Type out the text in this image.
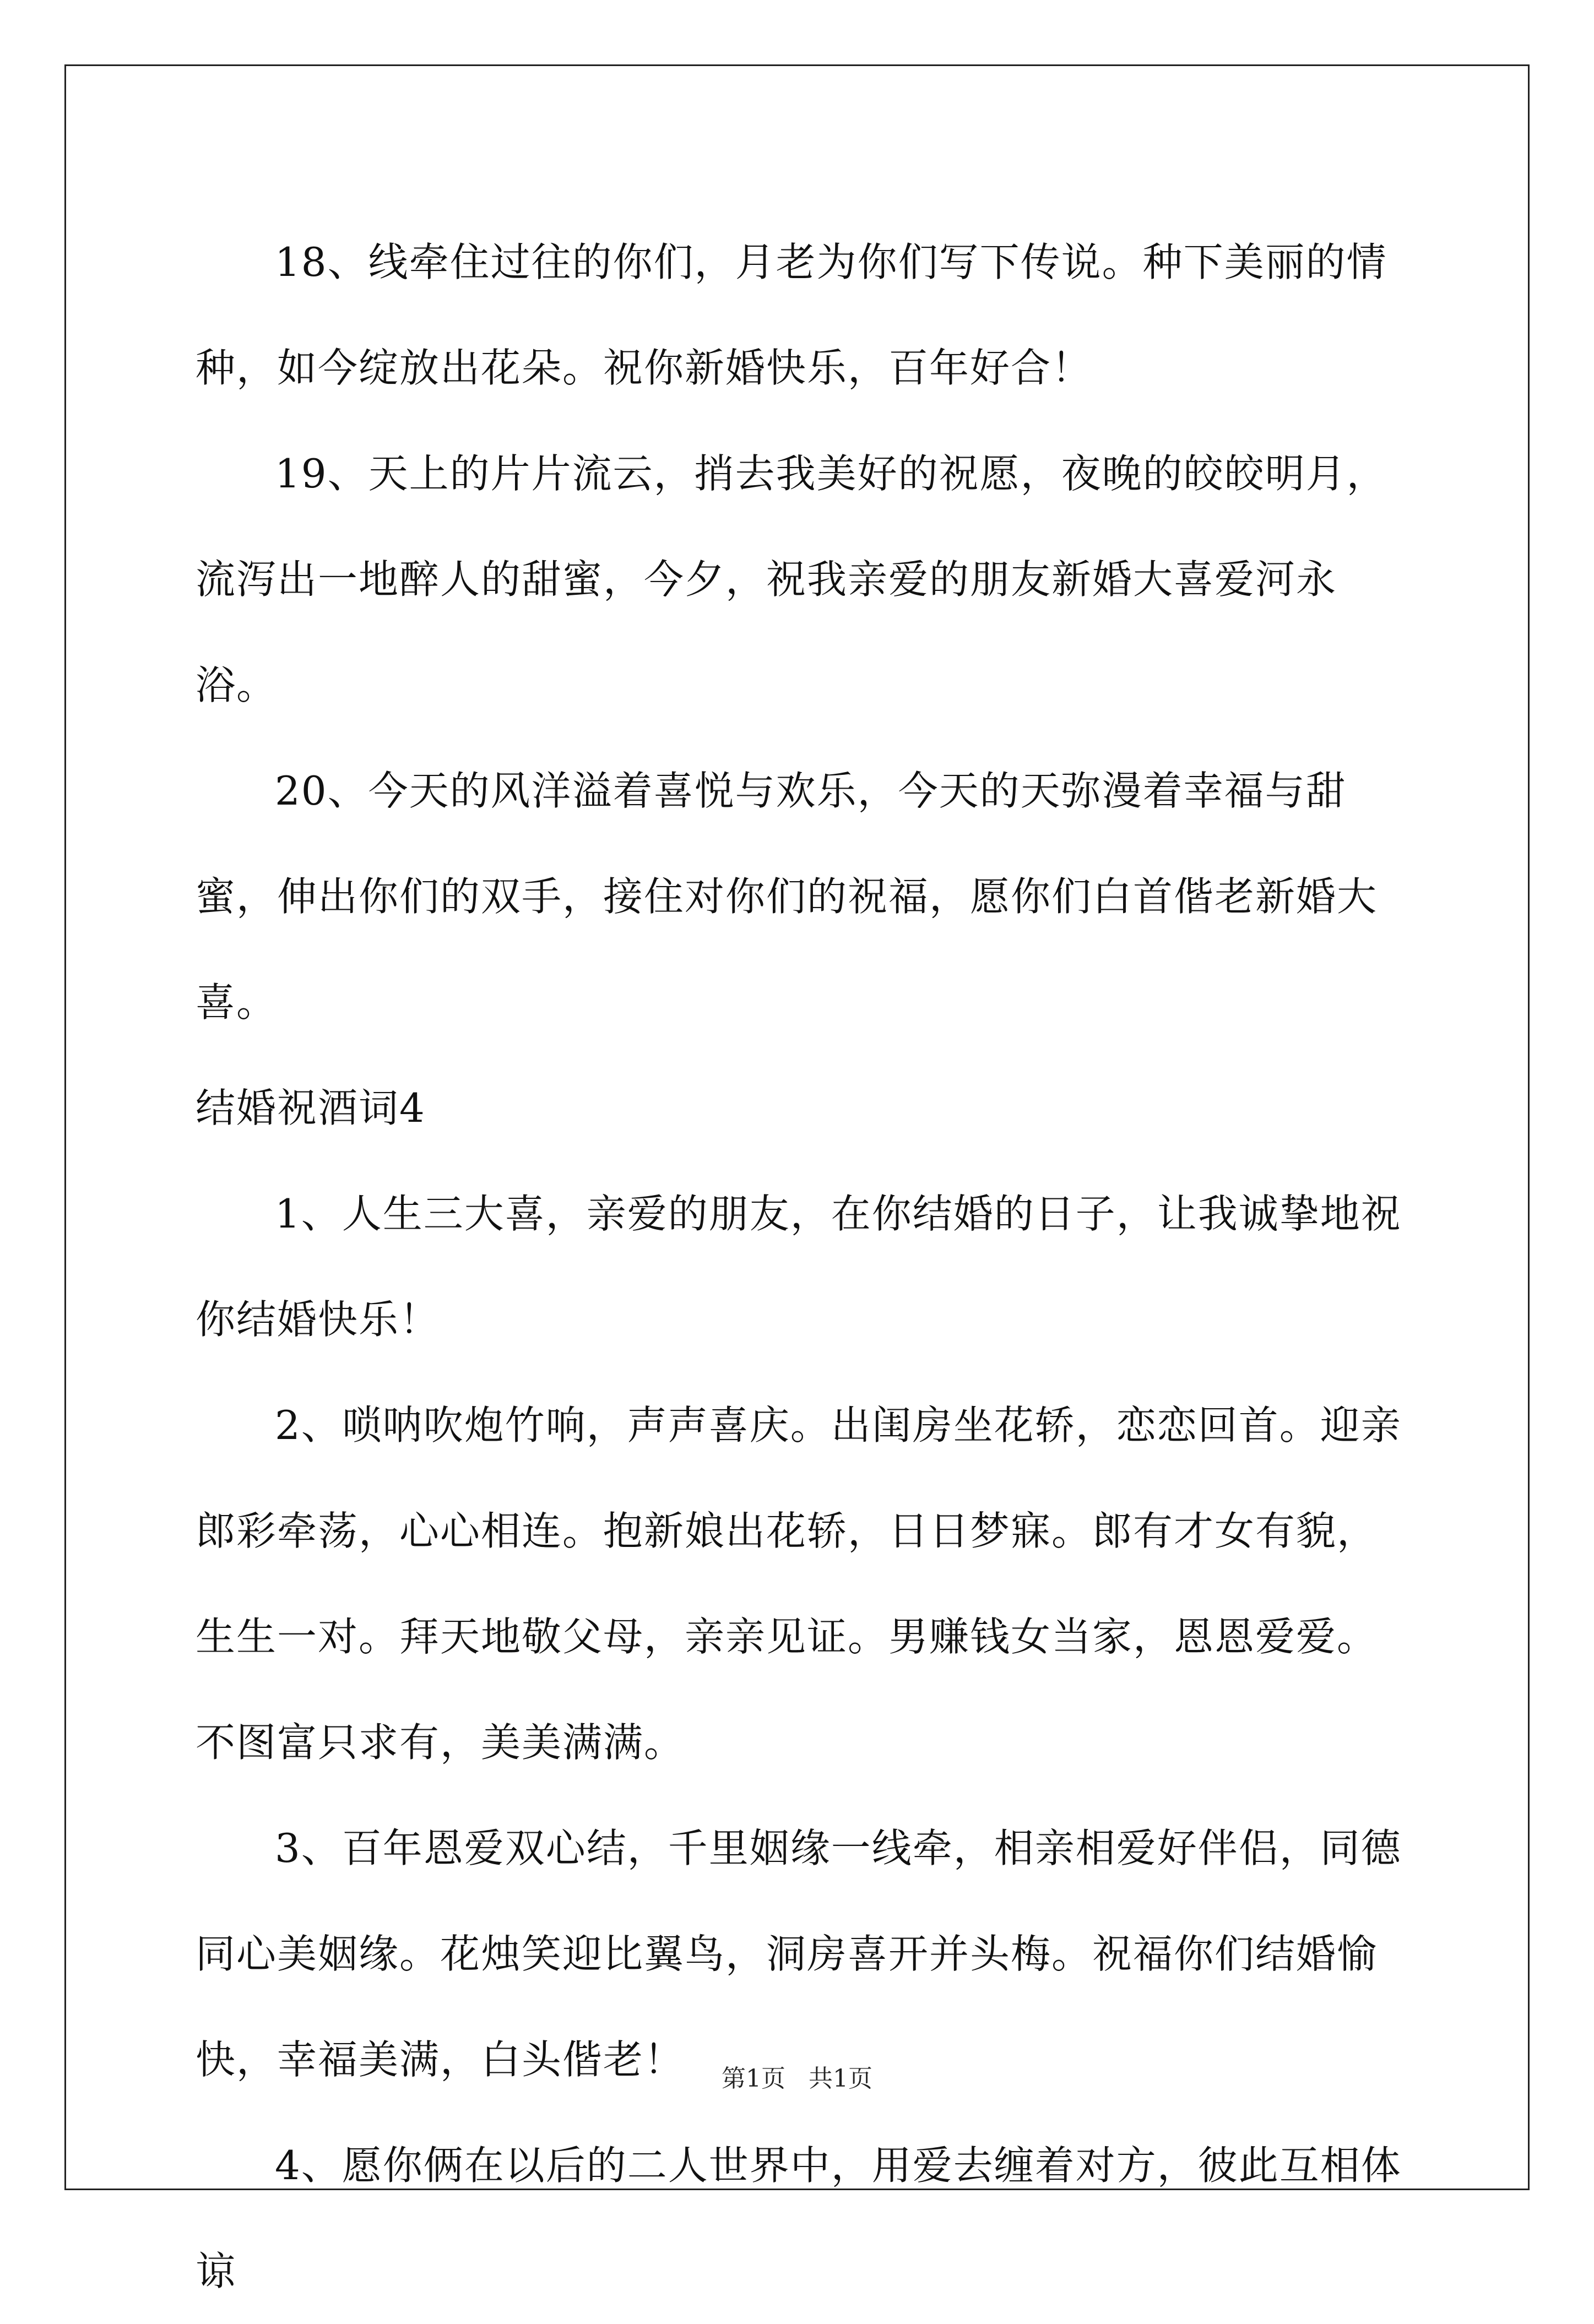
18、线牵住过往的你们，月老为你们写下传说。种下美丽的情种，如今绽放出花朵。祝你新婚快乐，百年好合！

19、天上的片片流云，捎去我美好的祝愿，夜晚的皎皎明月，流泻出一地醉人的甜蜜，今夕，祝我亲爱的朋友新婚大喜爱河永浴。

20、今天的风洋溢着喜悦与欢乐，今天的天弥漫着幸福与甜蜜，伸出你们的双手，接住对你们的祝福，愿你们白首偕老新婚大喜。

结婚祝酒词4

1、人生三大喜，亲爱的朋友，在你结婚的日子，让我诚挚地祝你结婚快乐！

2、唢呐吹炮竹响，声声喜庆。出闺房坐花轿，恋恋回首。迎亲郎彩牵荡，心心相连。抱新娘出花轿，日日梦寐。郎有才女有貌，生生一对。拜天地敬父母，亲亲见证。男赚钱女当家，恩恩爱爱。不图富只求有，美美满满。

3、百年恩爱双心结，千里姻缘一线牵，相亲相爱好伴侣，同德同心美姻缘。花烛笑迎比翼鸟，洞房喜开并头梅。祝福你们结婚愉快，幸福美满，白头偕老！

4、愿你俩在以后的二人世界中，用爱去缠着对方，彼此互相体谅

第1页 共1页
